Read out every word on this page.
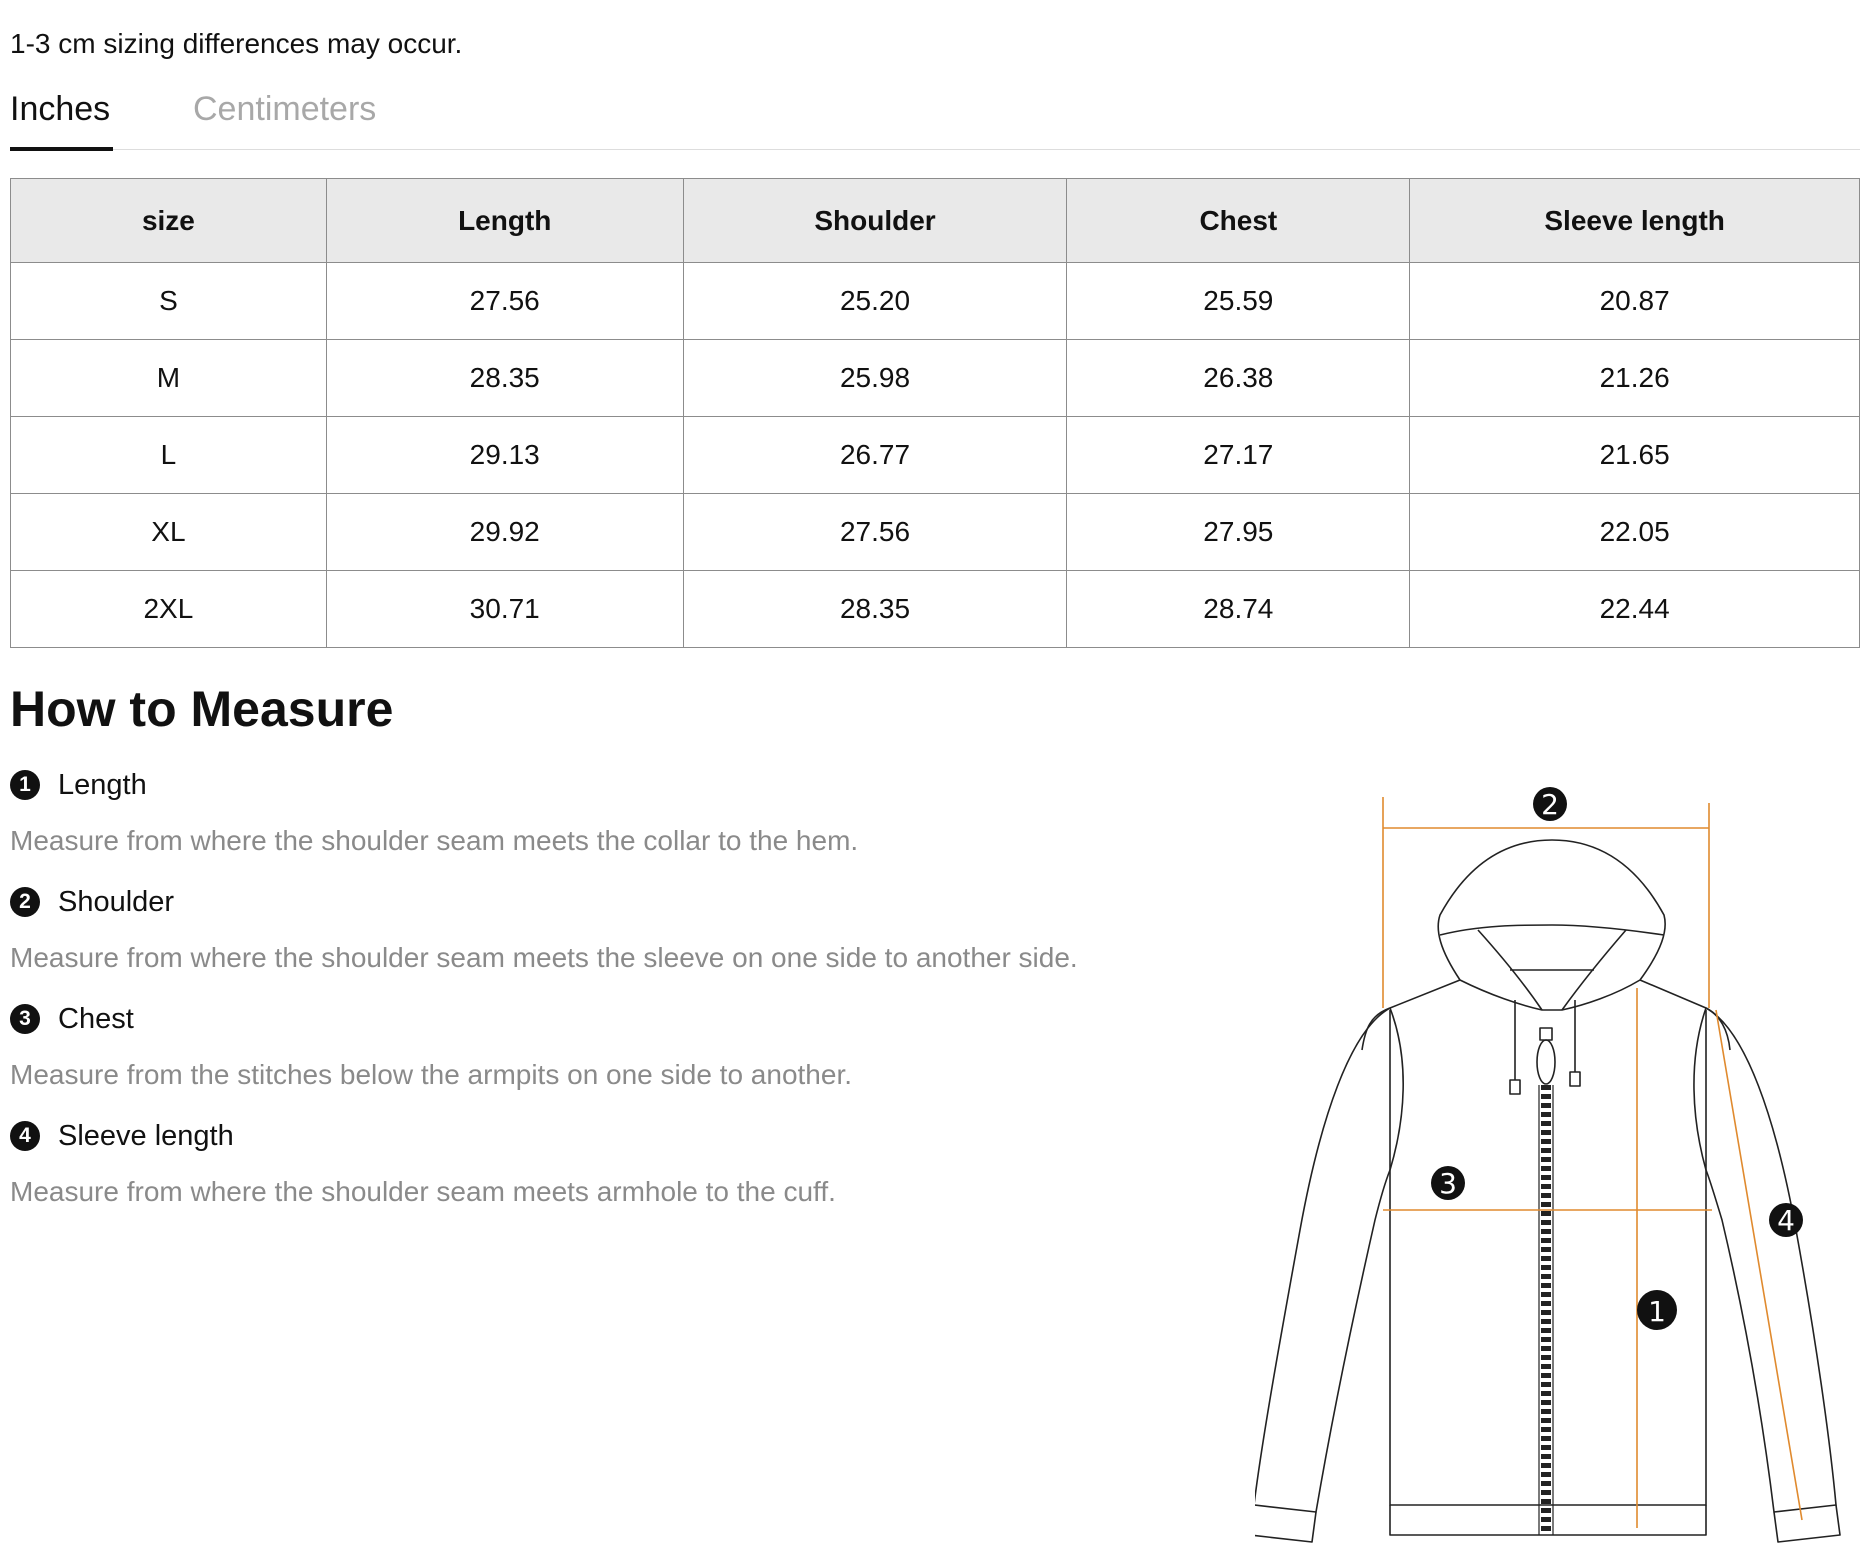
1-3 cm sizing differences may occur.
Inches Centimeters
size	Length	Shoulder	Chest	Sleeve length
S	27.56	25.20	25.59	20.87
M	28.35	25.98	26.38	21.26
L	29.13	26.77	27.17	21.65
XL	29.92	27.56	27.95	22.05
2XL	30.71	28.35	28.74	22.44
How to Measure
1 Length
Measure from where the shoulder seam meets the collar to the hem.
2 Shoulder
Measure from where the shoulder seam meets the sleeve on one side to another side.
3 Chest
Measure from the stitches below the armpits on one side to another.
4 Sleeve length
Measure from where the shoulder seam meets armhole to the cuff.
2
3
4
1
